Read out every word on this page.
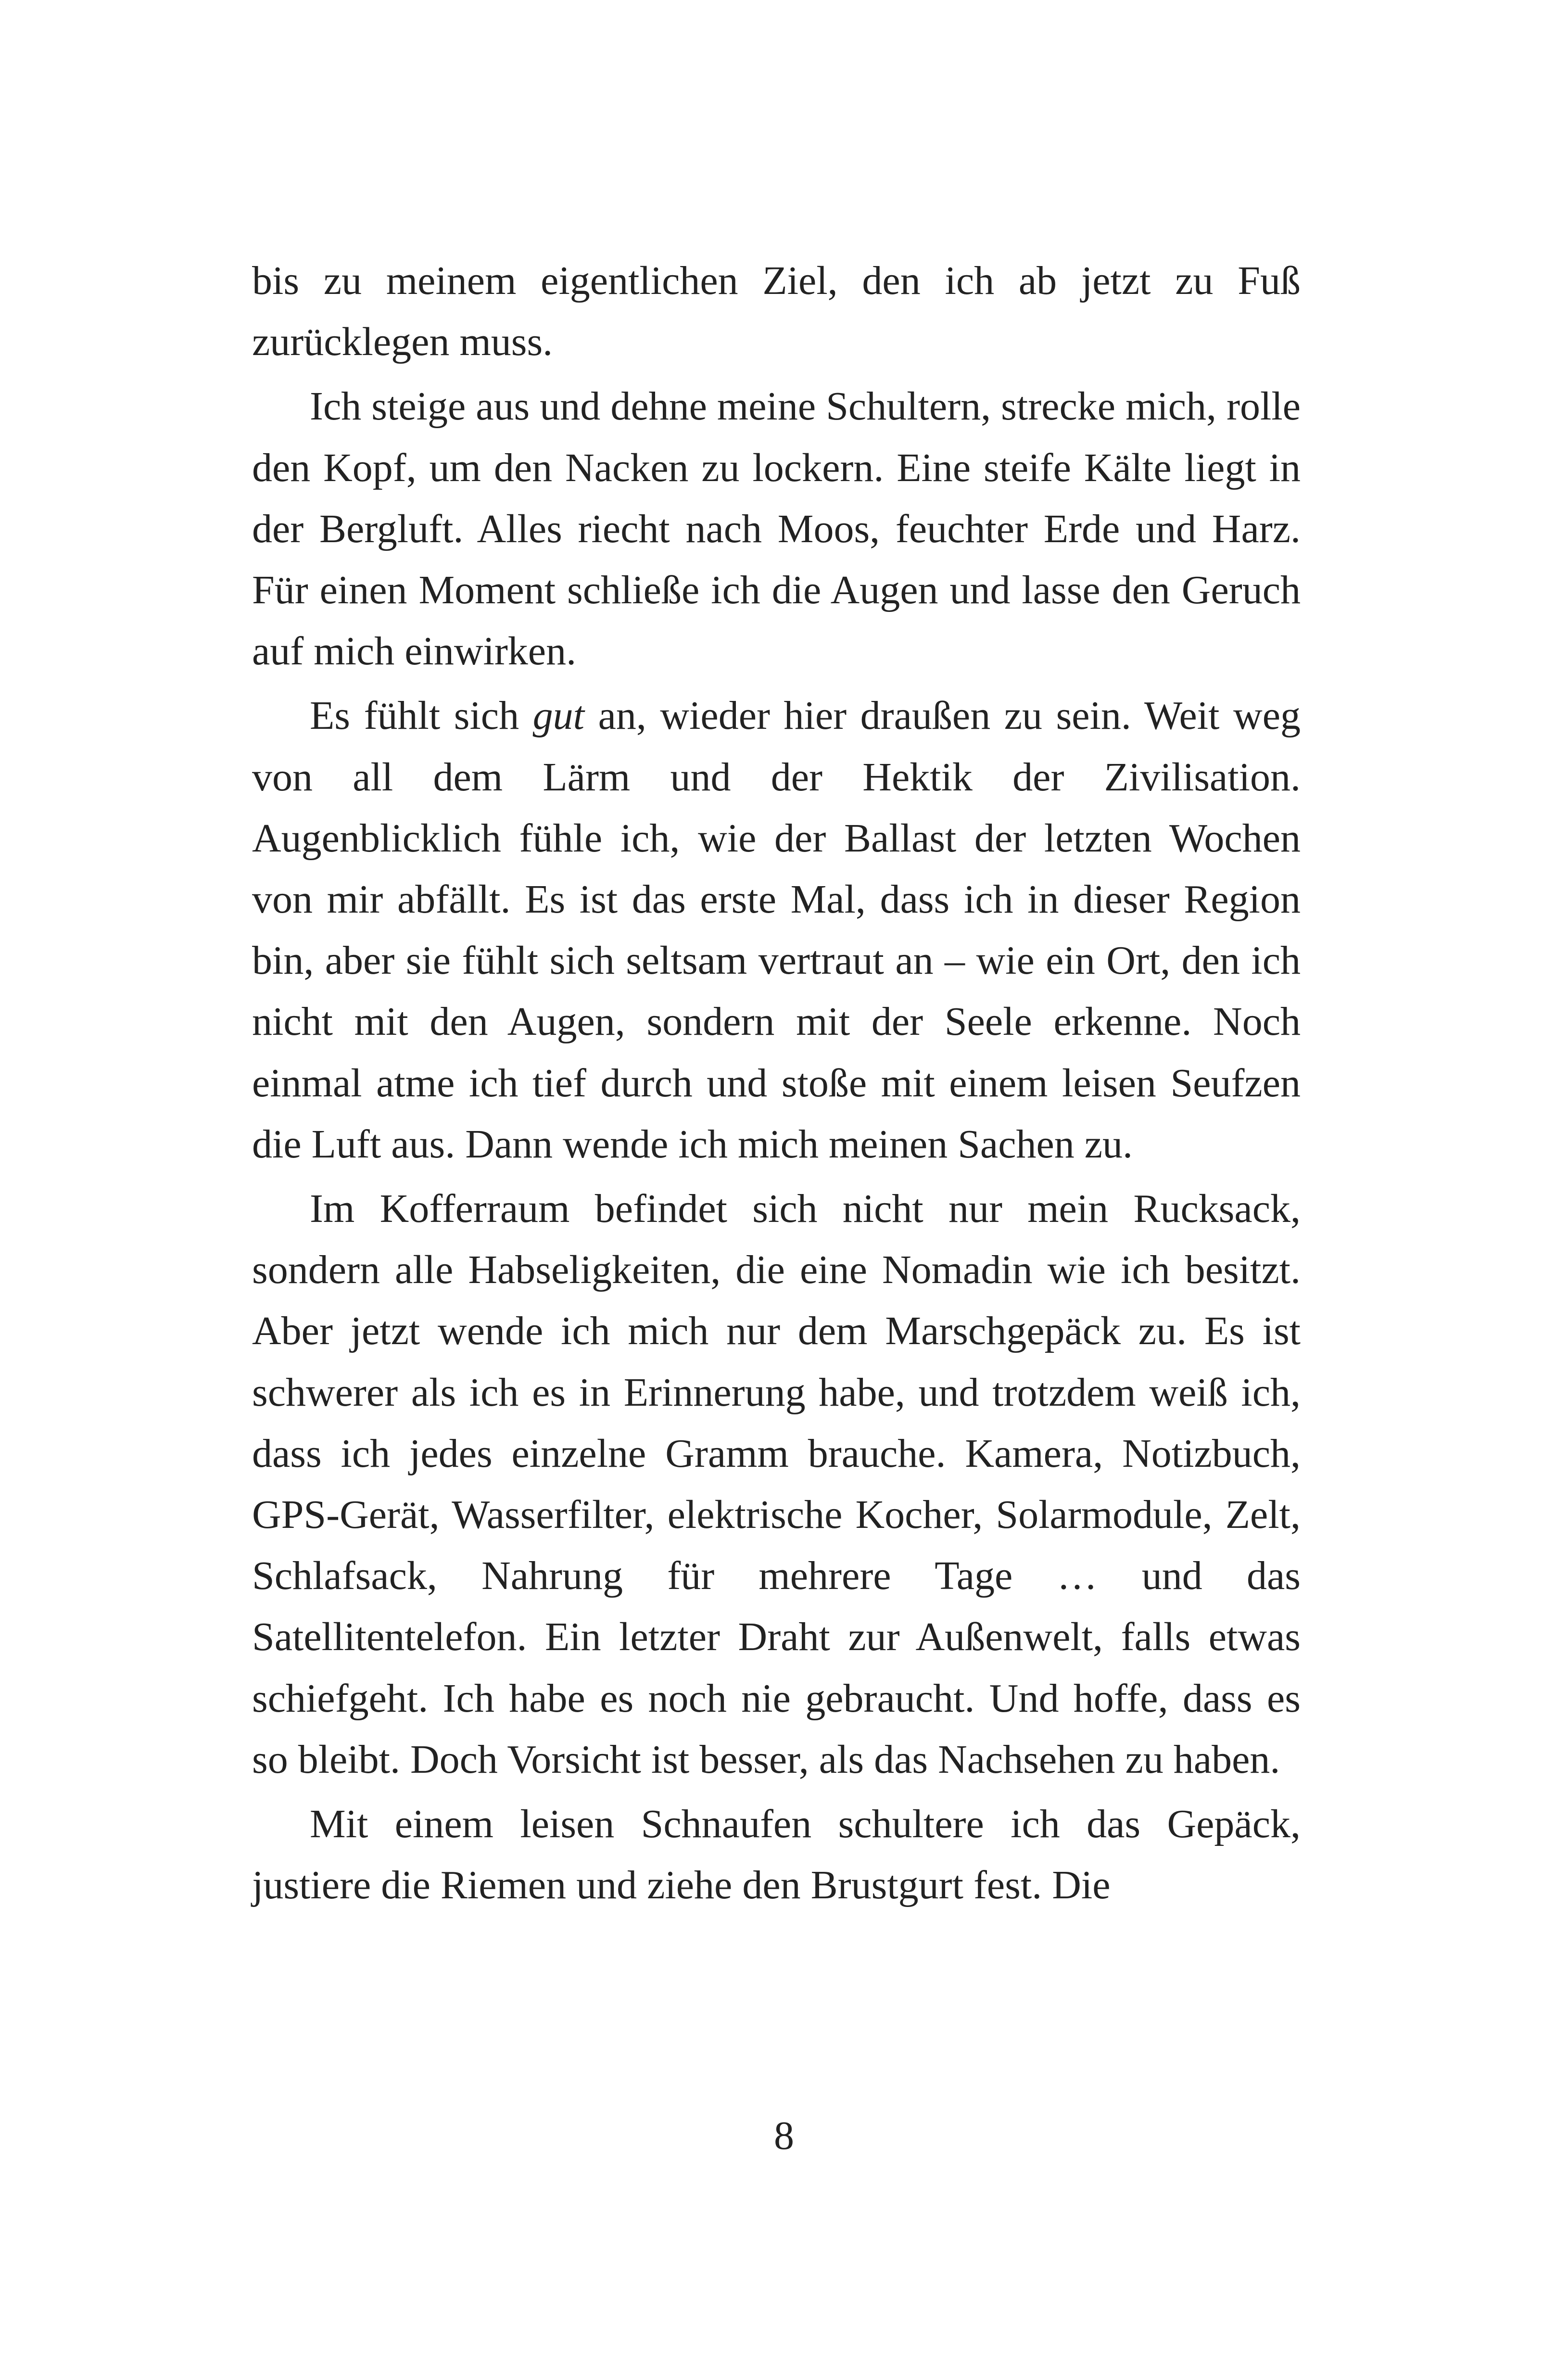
bis zu meinem eigentlichen Ziel, den ich ab jetzt zu Fuß zurücklegen muss.

Ich steige aus und dehne meine Schultern, strecke mich, rolle den Kopf, um den Nacken zu lockern. Eine steife Kälte liegt in der Bergluft. Alles riecht nach Moos, feuchter Erde und Harz. Für einen Moment schließe ich die Augen und lasse den Geruch auf mich einwirken.

Es fühlt sich gut an, wieder hier draußen zu sein. Weit weg von all dem Lärm und der Hektik der Zivilisation. Augenblicklich fühle ich, wie der Ballast der letzten Wochen von mir abfällt. Es ist das erste Mal, dass ich in dieser Region bin, aber sie fühlt sich seltsam vertraut an – wie ein Ort, den ich nicht mit den Augen, sondern mit der Seele erkenne. Noch einmal atme ich tief durch und stoße mit einem leisen Seufzen die Luft aus. Dann wende ich mich meinen Sachen zu.

Im Kofferraum befindet sich nicht nur mein Rucksack, sondern alle Habseligkeiten, die eine Nomadin wie ich besitzt. Aber jetzt wende ich mich nur dem Marschgepäck zu. Es ist schwerer als ich es in Erinnerung habe, und trotzdem weiß ich, dass ich jedes einzelne Gramm brauche. Kamera, Notizbuch, GPS-Gerät, Wasserfilter, elektrische Kocher, Solarmodule, Zelt, Schlafsack, Nahrung für mehrere Tage … und das Satellitentelefon. Ein letzter Draht zur Außenwelt, falls etwas schiefgeht. Ich habe es noch nie gebraucht. Und hoffe, dass es so bleibt. Doch Vorsicht ist besser, als das Nachsehen zu haben.

Mit einem leisen Schnaufen schultere ich das Gepäck, justiere die Riemen und ziehe den Brustgurt fest. Die

8
